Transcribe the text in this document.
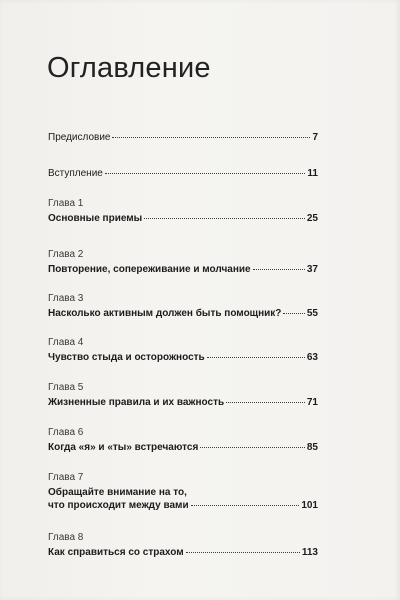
Оглавление
Предисловие	7
Вступление	11
Глава 1
Основные приемы	25
Глава 2
Повторение, сопереживание и молчание	37
Глава 3
Насколько активным должен быть помощник?	55
Глава 4
Чувство стыда и осторожность	63
Глава 5
Жизненные правила и их важность	71
Глава 6
Когда «я» и «ты» встречаются	85
Глава 7
Обращайте внимание на то,
что происходит между вами	101
Глава 8
Как справиться со страхом	113
